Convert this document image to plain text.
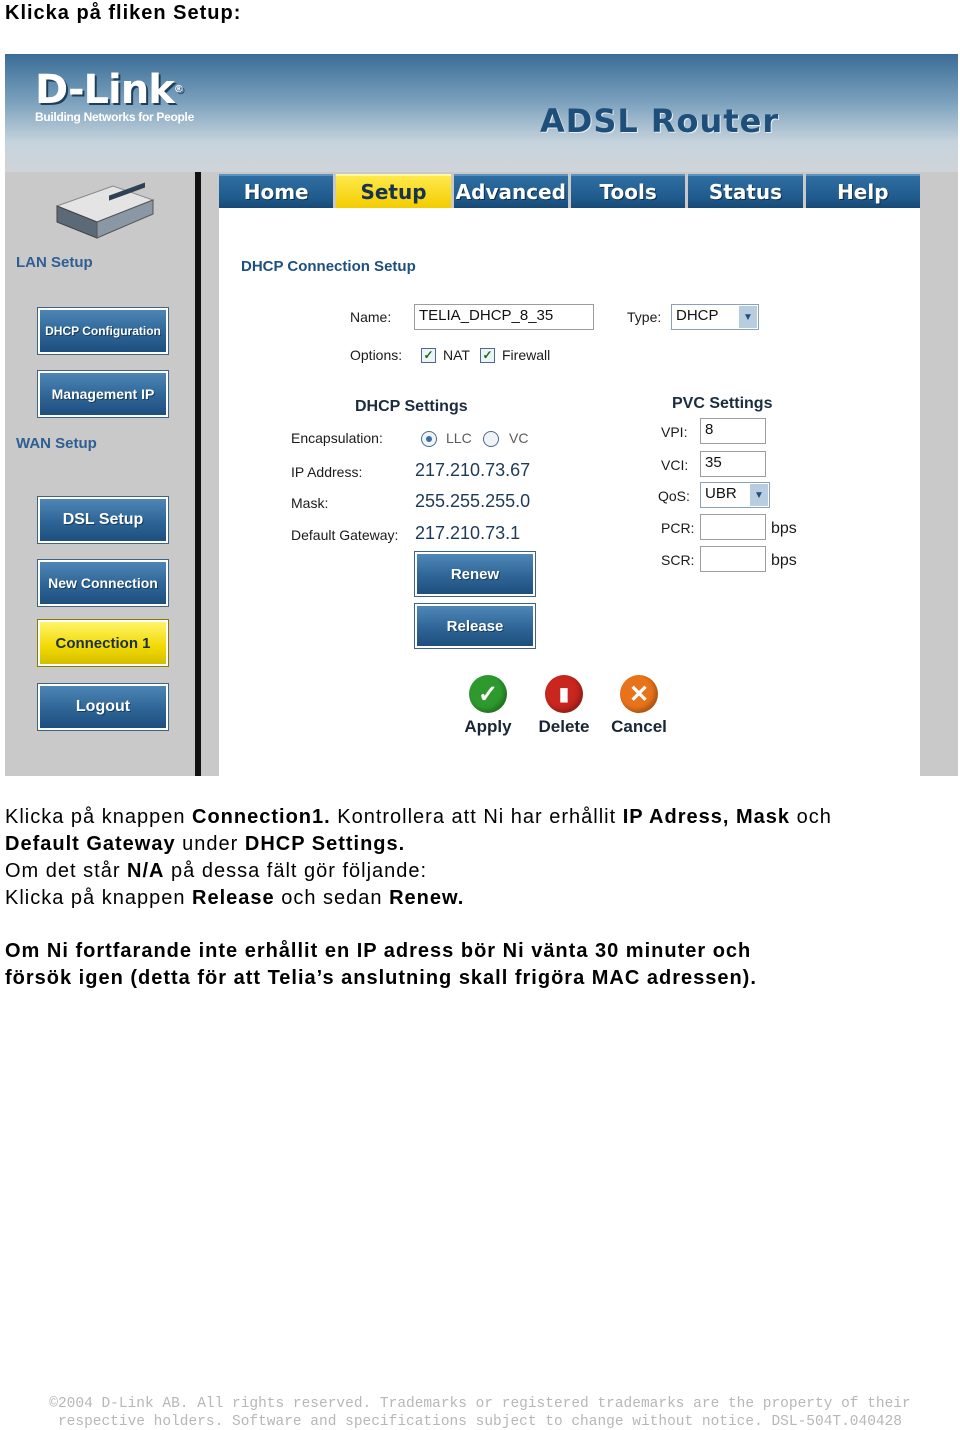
Klicka på fliken Setup:
D-Link®
Building Networks for People	ADSL Router
LAN Setup
DHCP Configuration
Management IP
WAN Setup
DSL Setup
New Connection
Connection 1
Logout
Home	Setup	Advanced	Tools	Status	Help
DHCP Connection Setup
Name:	TELIA_DHCP_8_35	Type: DHCP	▼
Options: ✓ NAT ✓ Firewall
DHCP Settings
Encapsulation:	LLC	VC
IP Address:	217.210.73.67
Mask:	255.255.255.0
Default Gateway: 217.210.73.1
Renew
Release
PVC Settings
VPI:	8
VCI:	35
QoS:	UBR	▼
PCR:	bps
SCR:	bps
✓
Apply
▮
Delete
✕
Cancel
Klicka på knappen Connection1. Kontrollera att Ni har erhållit IP Adress, Mask och
Default Gateway under DHCP Settings.
Om det står N/A på dessa fält gör följande:
Klicka på knappen Release och sedan Renew.
Om Ni fortfarande inte erhållit en IP adress bör Ni vänta 30 minuter och
försök igen (detta för att Telia’s anslutning skall frigöra MAC adressen).
©2004 D-Link AB. All rights reserved. Trademarks or registered trademarks are the property of their
respective holders. Software and specifications subject to change without notice. DSL-504T.040428
